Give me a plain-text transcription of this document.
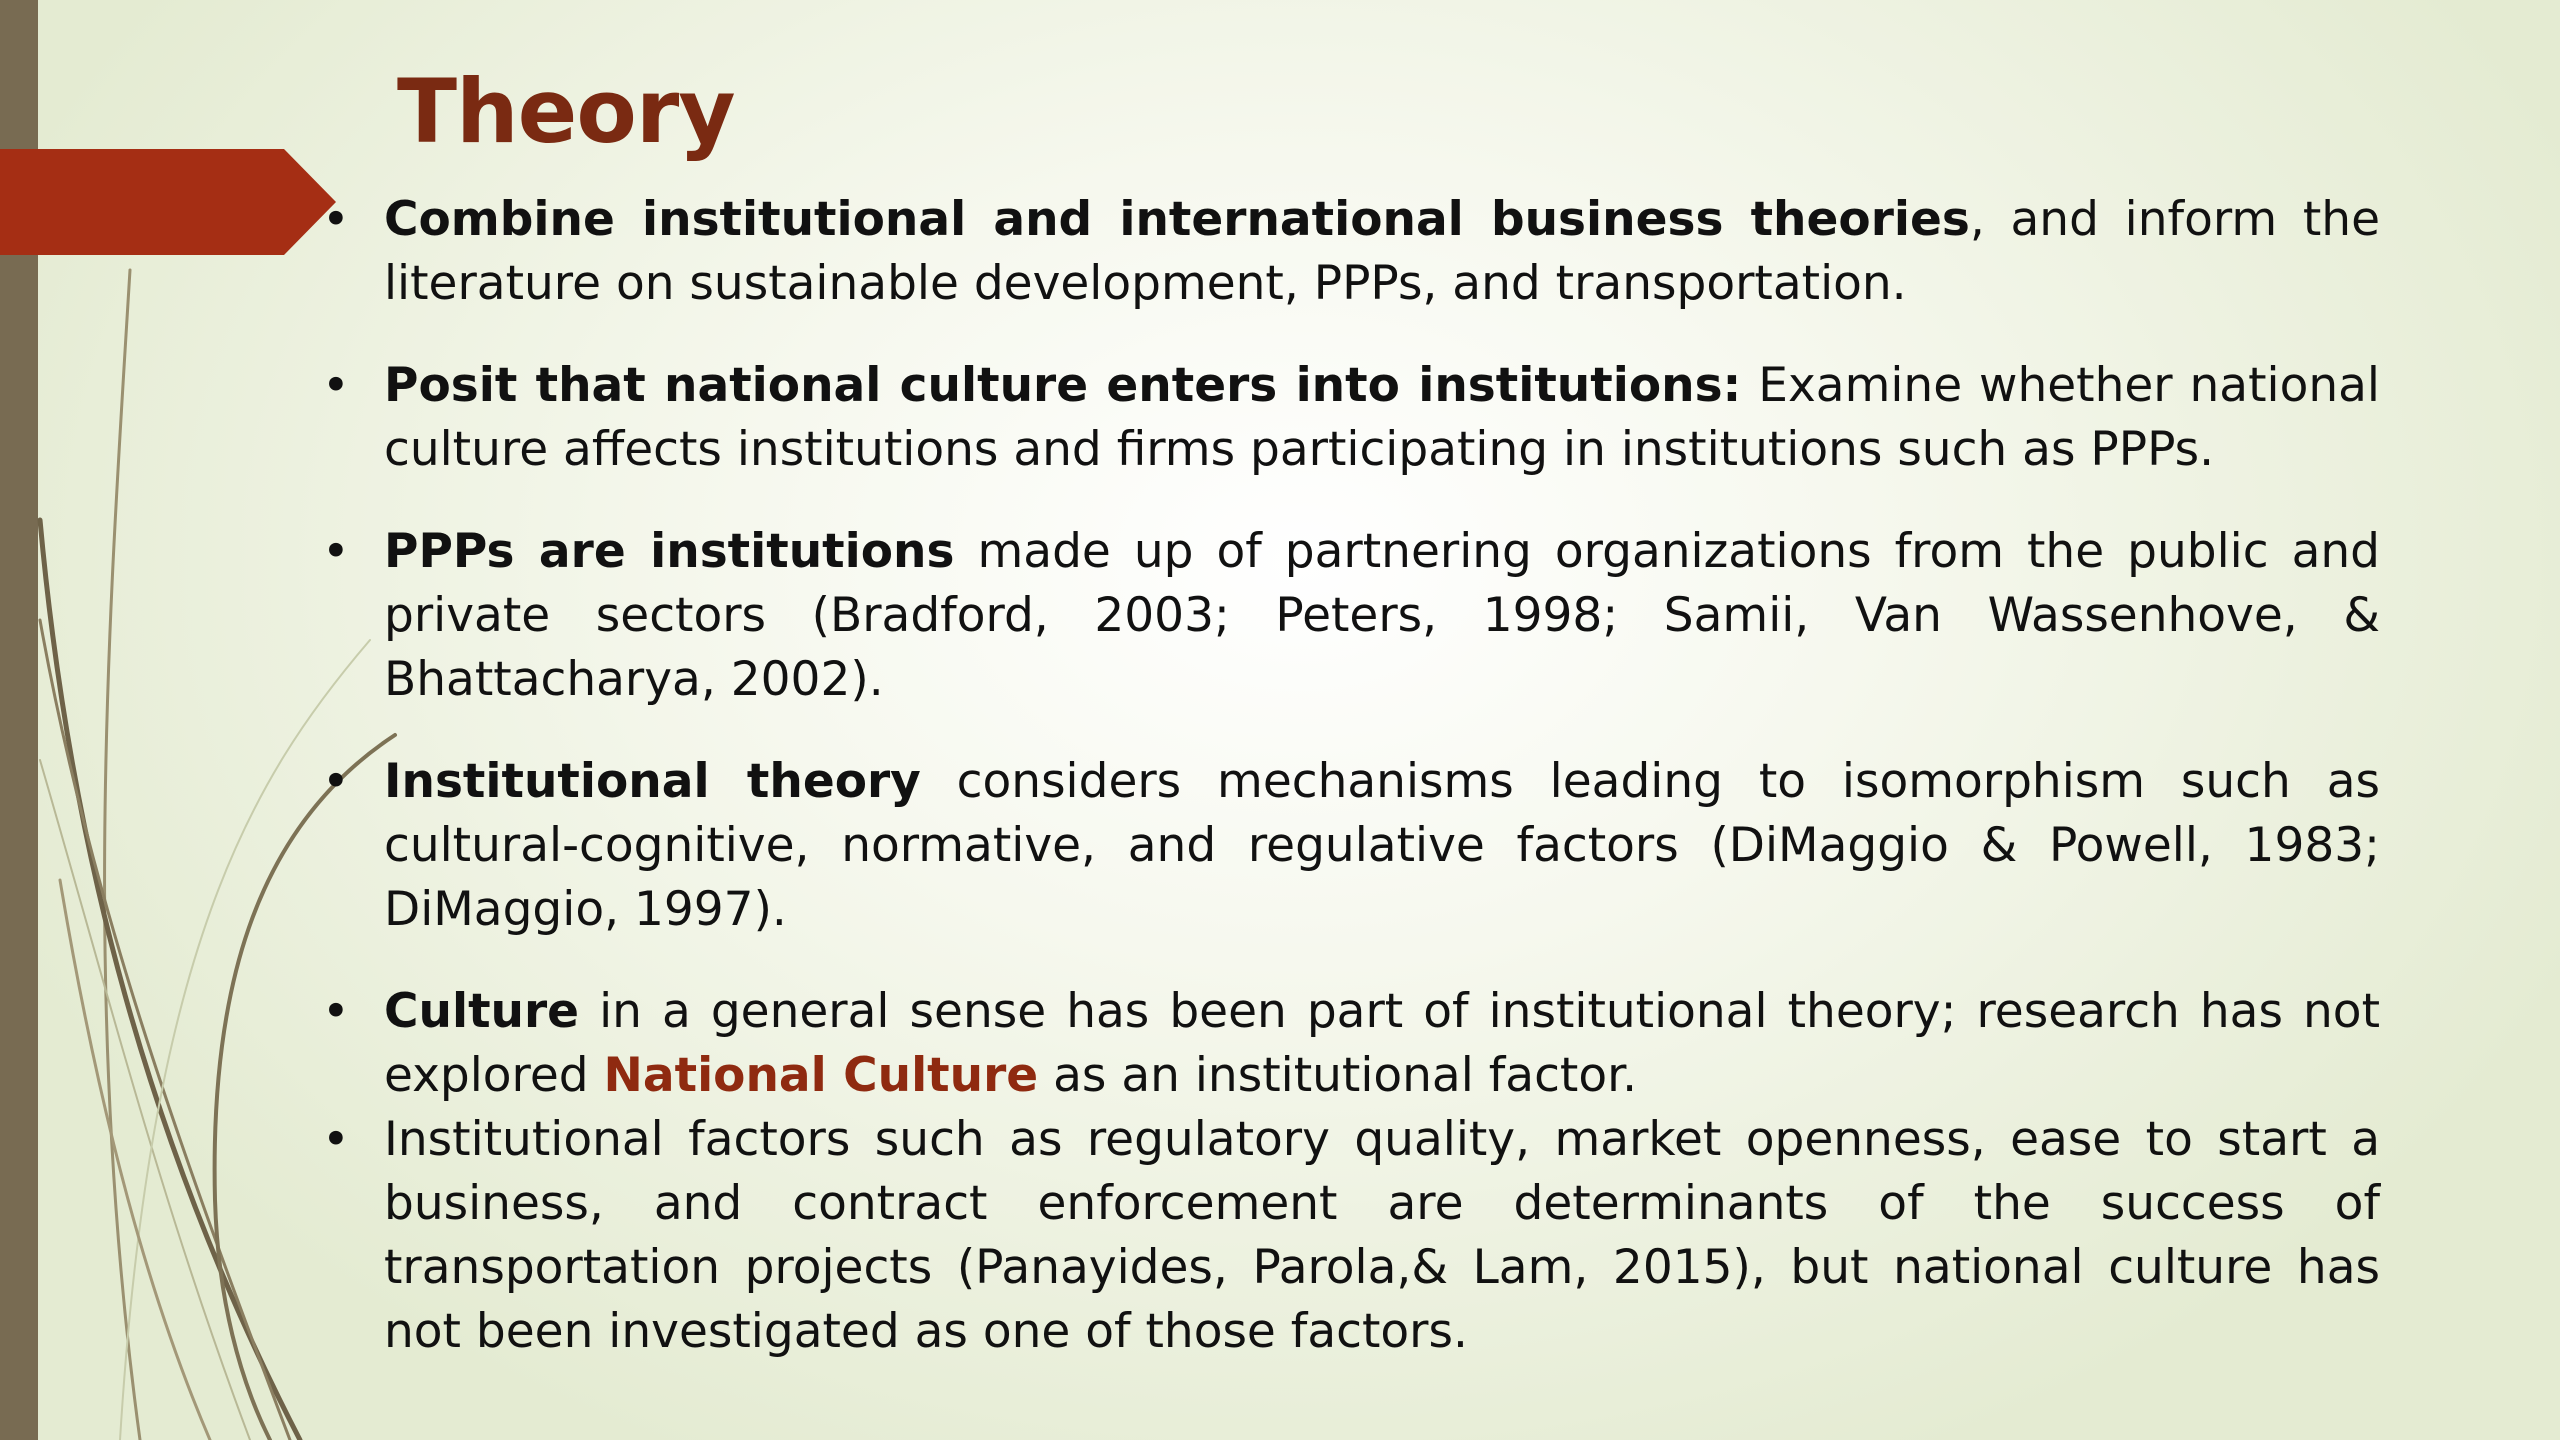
Theory
• Combine institutional and international business theories, and inform the literature on sustainable development, PPPs, and transportation.
• Posit that national culture enters into institutions: Examine whether national culture affects institutions and firms participating in institutions such as PPPs.
• PPPs are institutions made up of partnering organizations from the public and private sectors (Bradford, 2003; Peters, 1998; Samii, Van Wassenhove, & Bhattacharya, 2002).
• Institutional theory considers mechanisms leading to isomorphism such as cultural-cognitive, normative, and regulative factors (DiMaggio & Powell, 1983; DiMaggio, 1997).
• Culture in a general sense has been part of institutional theory; research has not explored National Culture as an institutional factor.
• Institutional factors such as regulatory quality, market openness, ease to start a business, and contract enforcement are determinants of the success of transportation projects (Panayides, Parola,& Lam, 2015), but national culture has not been investigated as one of those factors.
